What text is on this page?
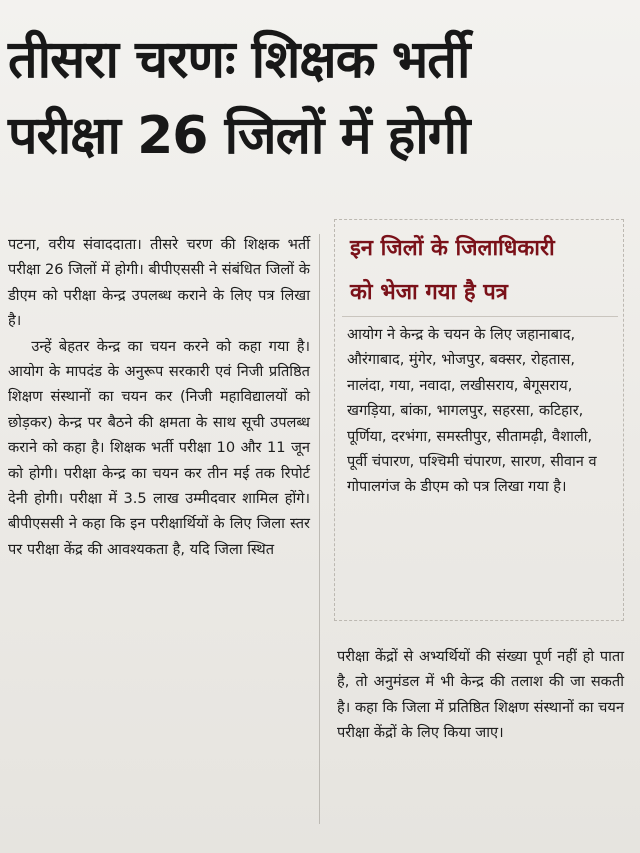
तीसरा चरणः शिक्षक भर्ती
परीक्षा 26 जिलों में होगी

पटना, वरीय संवाददाता। तीसरे चरण की शिक्षक भर्ती परीक्षा 26 जिलों में होगी। बीपीएससी ने संबंधित जिलों के डीएम को परीक्षा केन्द्र उपलब्ध कराने के लिए पत्र लिखा है।

उन्हें बेहतर केन्द्र का चयन करने को कहा गया है। आयोग के मापदंड के अनुरूप सरकारी एवं निजी प्रतिष्ठित शिक्षण संस्थानों का चयन कर (निजी महाविद्यालयों को छोड़कर) केन्द्र पर बैठने की क्षमता के साथ सूची उपलब्ध कराने को कहा है। शिक्षक भर्ती परीक्षा 10 और 11 जून को होगी। परीक्षा केन्द्र का चयन कर तीन मई तक रिपोर्ट देनी होगी। परीक्षा में 3.5 लाख उम्मीदवार शामिल होंगे। बीपीएससी ने कहा कि इन परीक्षार्थियों के लिए जिला स्तर पर परीक्षा केंद्र की आवश्यकता है, यदि जिला स्थित

इन जिलों के जिलाधिकारी
को भेजा गया है पत्र

आयोग ने केन्द्र के चयन के लिए जहानाबाद, औरंगाबाद, मुंगेर, भोजपुर, बक्सर, रोहतास, नालंदा, गया, नवादा, लखीसराय, बेगूसराय, खगड़िया, बांका, भागलपुर, सहरसा, कटिहार, पूर्णिया, दरभंगा, समस्तीपुर, सीतामढ़ी, वैशाली, पूर्वी चंपारण, पश्चिमी चंपारण, सारण, सीवान व गोपालगंज के डीएम को पत्र लिखा गया है।

परीक्षा केंद्रों से अभ्यर्थियों की संख्या पूर्ण नहीं हो पाता है, तो अनुमंडल में भी केन्द्र की तलाश की जा सकती है। कहा कि जिला में प्रतिष्ठित शिक्षण संस्थानों का चयन परीक्षा केंद्रों के लिए किया जाए।
